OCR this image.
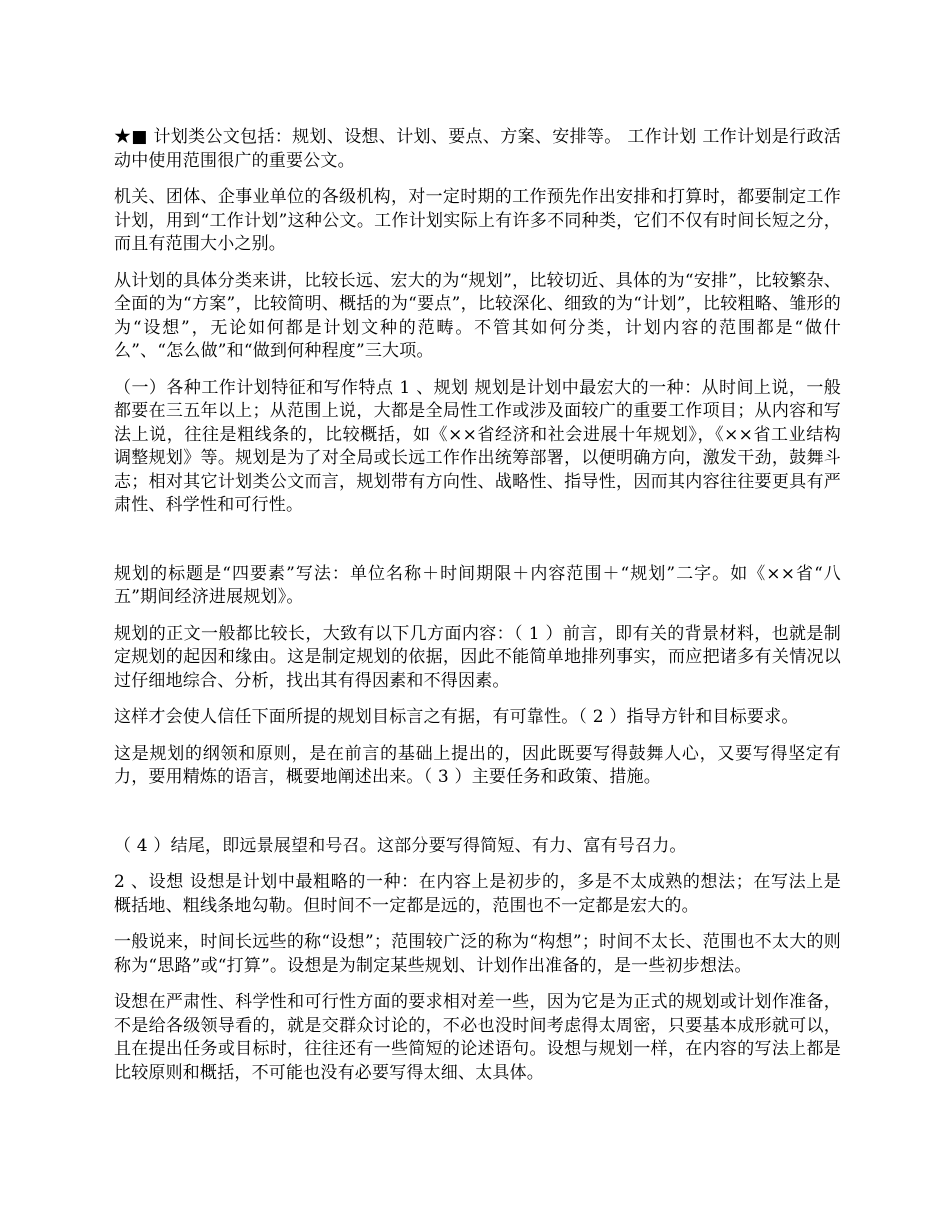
★■ 计划类公文包括：规划、设想、计划、要点、方案、安排等。 工作计划 工作计划是行政活动中使用范围很广的重要公文。

机关、团体、企事业单位的各级机构，对一定时期的工作预先作出安排和打算时，都要制定工作计划，用到“工作计划”这种公文。工作计划实际上有许多不同种类，它们不仅有时间长短之分，而且有范围大小之别。

从计划的具体分类来讲，比较长远、宏大的为“规划”，比较切近、具体的为“安排”，比较繁杂、全面的为“方案”，比较简明、概括的为“要点”，比较深化、细致的为“计划”，比较粗略、雏形的为“设想”，无论如何都是计划文种的范畴。不管其如何分类，计划内容的范围都是“做什么”、“怎么做”和“做到何种程度”三大项。

（一）各种工作计划特征和写作特点 1 、规划 规划是计划中最宏大的一种：从时间上说，一般都要在三五年以上；从范围上说，大都是全局性工作或涉及面较广的重要工作项目；从内容和写法上说，往往是粗线条的，比较概括，如《××省经济和社会进展十年规划》，《××省工业结构调整规划》等。规划是为了对全局或长远工作作出统筹部署，以便明确方向，激发干劲，鼓舞斗志；相对其它计划类公文而言，规划带有方向性、战略性、指导性，因而其内容往往要更具有严肃性、科学性和可行性。

规划的标题是“四要素”写法：单位名称＋时间期限＋内容范围＋“规划”二字。如《××省“八五”期间经济进展规划》。

规划的正文一般都比较长，大致有以下几方面内容：（ 1 ）前言，即有关的背景材料，也就是制定规划的起因和缘由。这是制定规划的依据，因此不能简单地排列事实，而应把诸多有关情况以过仔细地综合、分析，找出其有得因素和不得因素。

这样才会使人信任下面所提的规划目标言之有据，有可靠性。（ 2 ）指导方针和目标要求。

这是规划的纲领和原则，是在前言的基础上提出的，因此既要写得鼓舞人心，又要写得坚定有力，要用精炼的语言，概要地阐述出来。（ 3 ）主要任务和政策、措施。

（ 4 ）结尾，即远景展望和号召。这部分要写得简短、有力、富有号召力。

2 、设想 设想是计划中最粗略的一种：在内容上是初步的，多是不太成熟的想法；在写法上是概括地、粗线条地勾勒。但时间不一定都是远的，范围也不一定都是宏大的。

一般说来，时间长远些的称“设想”；范围较广泛的称为“构想”；时间不太长、范围也不太大的则称为“思路”或“打算”。设想是为制定某些规划、计划作出准备的，是一些初步想法。

设想在严肃性、科学性和可行性方面的要求相对差一些，因为它是为正式的规划或计划作准备，不是给各级领导看的，就是交群众讨论的，不必也没时间考虑得太周密，只要基本成形就可以，且在提出任务或目标时，往往还有一些简短的论述语句。设想与规划一样，在内容的写法上都是比较原则和概括，不可能也没有必要写得太细、太具体。
